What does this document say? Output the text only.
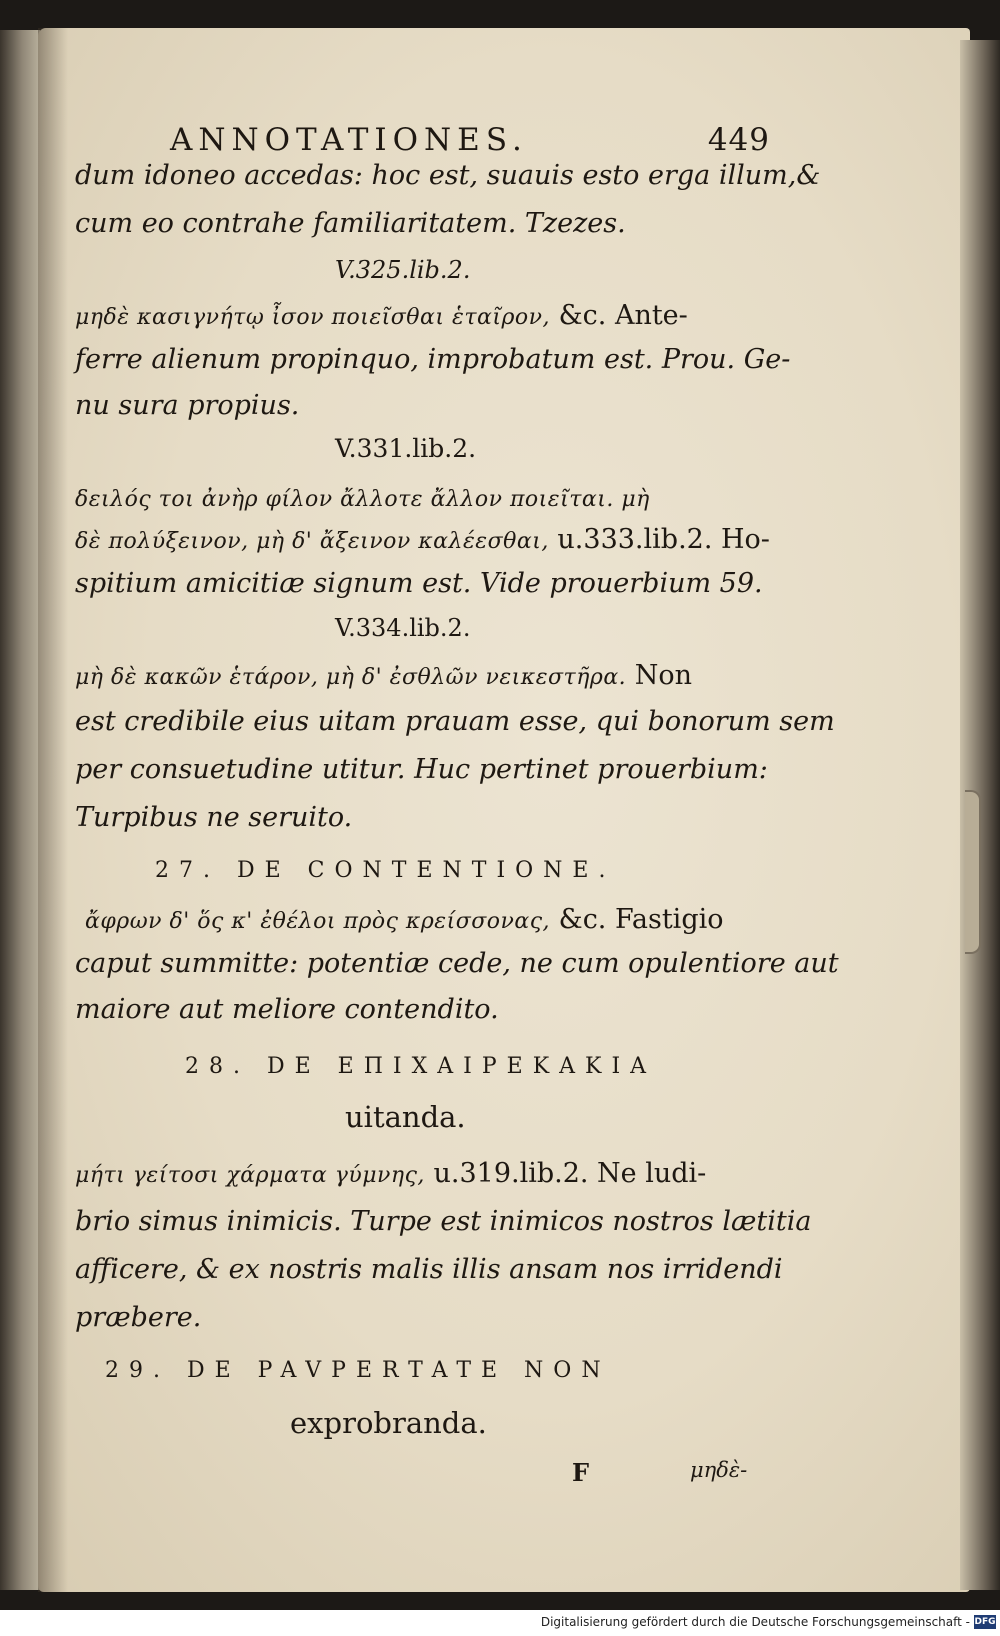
ANNOTATIONES.	449
dum idoneo accedas: hoc est, suauis esto erga illum,&
cum eo contrahe familiaritatem. Tzezes.
V.325.lib.2.
μηδὲ κασιγνήτῳ ἶσον ποιεῖσθαι ἑταῖρον, &c. Ante-
ferre alienum propinquo, improbatum est. Prou. Ge-
nu sura propius.
V.331.lib.2.
δειλός τοι ἀνὴρ φίλον ἄλλοτε ἄλλον ποιεῖται. μὴ
δὲ πολύξεινον, μὴ δ' ἄξεινον καλέεσθαι, u.333.lib.2. Ho-
spitium amicitiæ signum est. Vide prouerbium 59.
V.334.lib.2.
μὴ δὲ κακῶν ἑτάρον, μὴ δ' ἐσθλῶν νεικεστῆρα. Non
est credibile eius uitam prauam esse, qui bonorum sem
per consuetudine utitur. Huc pertinet prouerbium:
Turpibus ne seruito.
27. DE CONTENTIONE.
ἄφρων δ' ὅς κ' ἐθέλοι πρὸς κρείσσονας, &c. Fastigio
caput summitte: potentiæ cede, ne cum opulentiore aut
maiore aut meliore contendito.
28. DE ΕΠΙΧΑΙΡΕΚΑΚΙΑ
uitanda.
μήτι γείτοσι χάρματα γύμνης, u.319.lib.2. Ne ludi-
brio simus inimicis. Turpe est inimicos nostros lætitia
afficere, & ex nostris malis illis ansam nos irridendi
præbere.
29. DE PAVPERTATE NON
exprobranda.
F	μηδὲ-
Digitalisierung gefördert durch die Deutsche Forschungsgemeinschaft - DFG
